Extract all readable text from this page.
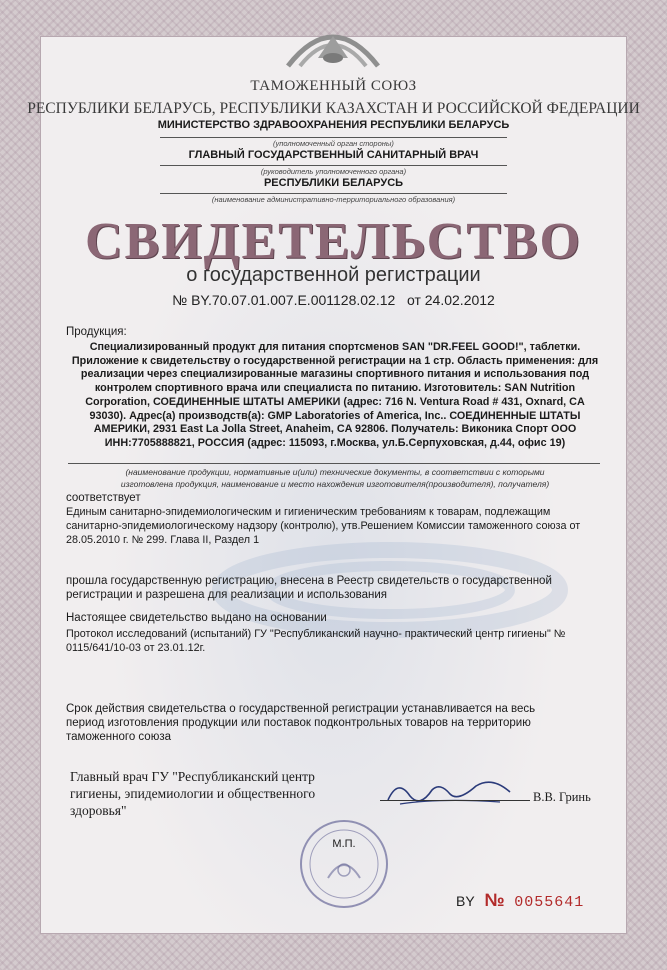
ТАМОЖЕННЫЙ СОЮЗ
РЕСПУБЛИКИ БЕЛАРУСЬ, РЕСПУБЛИКИ КАЗАХСТАН И РОССИЙСКОЙ ФЕДЕРАЦИИ
МИНИСТЕРСТВО ЗДРАВООХРАНЕНИЯ РЕСПУБЛИКИ БЕЛАРУСЬ
(уполномоченный орган стороны)
ГЛАВНЫЙ ГОСУДАРСТВЕННЫЙ САНИТАРНЫЙ ВРАЧ
(руководитель уполномоченного органа)
РЕСПУБЛИКИ БЕЛАРУСЬ
(наименование административно-территориального образования)
СВИДЕТЕЛЬСТВО
о государственной регистрации
№ BY.70.07.01.007.E.001128.02.12 от 24.02.2012
Продукция:
Специализированный продукт для питания спортсменов SAN "DR.FEEL GOOD!", таблетки.
Приложение к свидетельству о государственной регистрации на 1 стр. Область применения: для
реализации через специализированные магазины спортивного питания и использования под
контролем спортивного врача или специалиста по питанию. Изготовитель: SAN Nutrition
Corporation, СОЕДИНЕННЫЕ ШТАТЫ АМЕРИКИ (адрес: 716 N. Ventura Road # 431, Oxnard, CA
93030). Адрес(а) производств(а): GMP Laboratories of America, Inc.. СОЕДИНЕННЫЕ ШТАТЫ
АМЕРИКИ, 2931 East La Jolla Street, Anaheim, CA 92806. Получатель: Виконика Спорт ООО
ИНН:7705888821, РОССИЯ (адрес: 115093, г.Москва, ул.Б.Серпуховская, д.44, офис 19)
(наименование продукции, нормативные и(или) технические документы, в соответствии с которыми
изготовлена продукция, наименование и место нахождения изготовителя(производителя), получателя)
соответствует
Единым санитарно-эпидемиологическим и гигиеническим требованиям к товарам, подлежащим
санитарно-эпидемиологическому надзору (контролю), утв.Решением Комиссии таможенного союза от
28.05.2010 г. № 299. Глава II, Раздел 1
прошла государственную регистрацию, внесена в Реестр свидетельств о государственной
регистрации и разрешена для реализации и использования
Настоящее свидетельство выдано на основании
Протокол исследований (испытаний) ГУ "Республиканский научно- практический центр гигиены" №
0115/641/10-03 от 23.01.12г.
Срок действия свидетельства о государственной регистрации устанавливается на весь
период изготовления продукции или поставок подконтрольных товаров на территорию
таможенного союза
Главный врач ГУ "Республиканский центр
гигиены, эпидемиологии и общественного
здоровья"
В.В. Гринь
М.П.
BY № 0055641
